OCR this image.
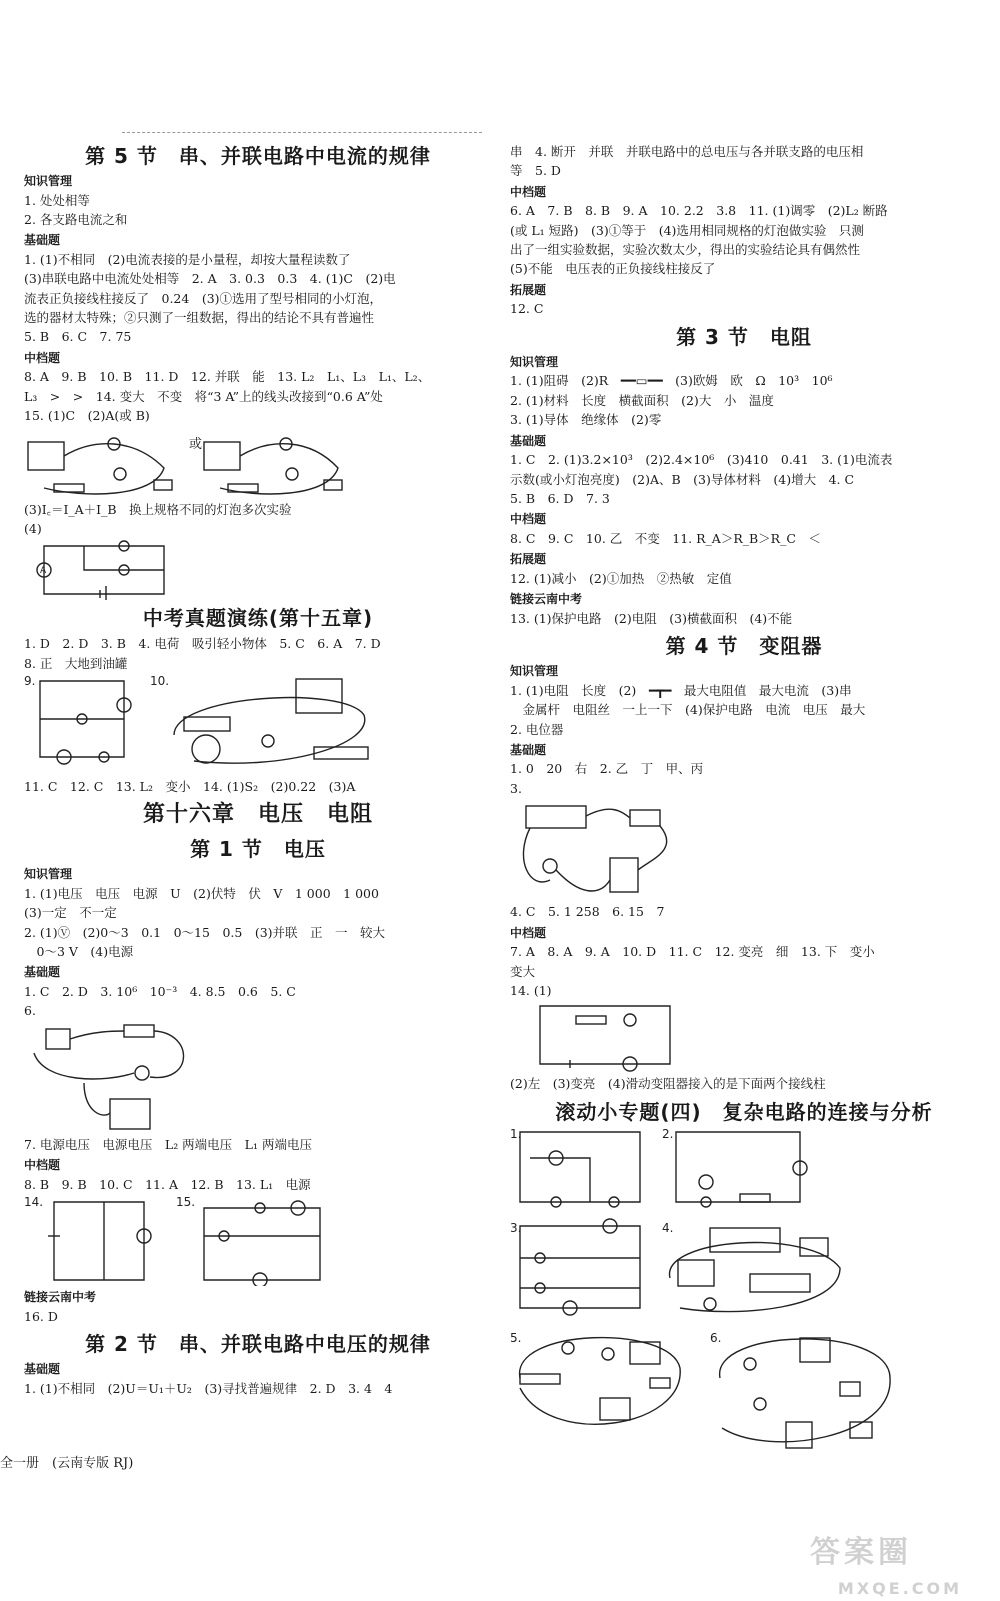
第 5 节　串、并联电路中电流的规律
知识管理
1. 处处相等
2. 各支路电流之和
基础题
1. (1)不相同　(2)电流表接的是小量程，却按大量程读数了
(3)串联电路中电流处处相等　2. A　3. 0.3　0.3　4. (1)C　(2)电
流表正负接线柱接反了　0.24　(3)①选用了型号相同的小灯泡，
选的器材太特殊；②只测了一组数据，得出的结论不具有普遍性
5. B　6. C　7. 75
中档题
8. A　9. B　10. B　11. D　12. 并联　能　13. L₂　L₁、L₃　L₁、L₂、
L₃　>　>　14. 变大　不变　将“3 A”上的线头改接到“0.6 A”处
15. (1)C　(2)A(或 B)
或
(3)I꜀＝I_A＋I_B　换上规格不同的灯泡多次实验
(4)
A
中考真题演练(第十五章)
1. D　2. D　3. B　4. 电荷　吸引轻小物体　5. C　6. A　7. D
8. 正　大地到油罐
9.	10.
11. C　12. C　13. L₂　变小　14. (1)S₂　(2)0.22　(3)A
第十六章　电压　电阻
第 1 节　电压
知识管理
1. (1)电压　电压　电源　U　(2)伏特　伏　V　1 000　1 000
(3)一定　不一定
2. (1)Ⓥ　(2)0～3　0.1　0～15　0.5　(3)并联　正　一　较大
　0～3 V　(4)电源
基础题
1. C　2. D　3. 10⁶　10⁻³　4. 8.5　0.6　5. C
6.
7. 电源电压　电源电压　L₂ 两端电压　L₁ 两端电压
中档题
8. B　9. B　10. C　11. A　12. B　13. L₁　电源
14.	15.
链接云南中考
16. D
第 2 节　串、并联电路中电压的规律
基础题
1. (1)不相同　(2)U＝U₁＋U₂　(3)寻找普遍规律　2. D　3. 4　4
串　4. 断开　并联　并联电路中的总电压与各并联支路的电压相
等　5. D
中档题
6. A　7. B　8. B　9. A　10. 2.2　3.8　11. (1)调零　(2)L₂ 断路
(或 L₁ 短路)　(3)①等于　(4)选用相同规格的灯泡做实验　只测
出了一组实验数据，实验次数太少，得出的实验结论具有偶然性
(5)不能　电压表的正负接线柱接反了
拓展题
12. C
第 3 节　电阻
知识管理
1. (1)阻碍　(2)R　━━▭━━　(3)欧姆　欧　Ω　10³　10⁶
2. (1)材料　长度　横截面积　(2)大　小　温度
3. (1)导体　绝缘体　(2)零
基础题
1. C　2. (1)3.2×10³　(2)2.4×10⁶　(3)410　0.41　3. (1)电流表
示数(或小灯泡亮度)　(2)A、B　(3)导体材料　(4)增大　4. C
5. B　6. D　7. 3
中档题
8. C　9. C　10. 乙　不变　11. R_A＞R_B＞R_C　＜
拓展题
12. (1)减小　(2)①加热　②热敏　定值
链接云南中考
13. (1)保护电路　(2)电阻　(3)横截面积　(4)不能
第 4 节　变阻器
知识管理
1. (1)电阻　长度　(2)　━┳━　最大电阻值　最大电流　(3)串
　金属杆　电阻丝　一上一下　(4)保护电路　电流　电压　最大
2. 电位器
基础题
1. 0　20　右　2. 乙　丁　甲、丙
3.
4. C　5. 1 258　6. 15　7
中档题
7. A　8. A　9. A　10. D　11. C　12. 变亮　细　13. 下　变小
变大
14. (1)
(2)左　(3)变亮　(4)滑动变阻器接入的是下面两个接线柱
滚动小专题(四)　复杂电路的连接与分析
1.	2.
3.	4.
5.	6.
全一册　(云南专版 RJ)
答案圈
MXQE.COM
